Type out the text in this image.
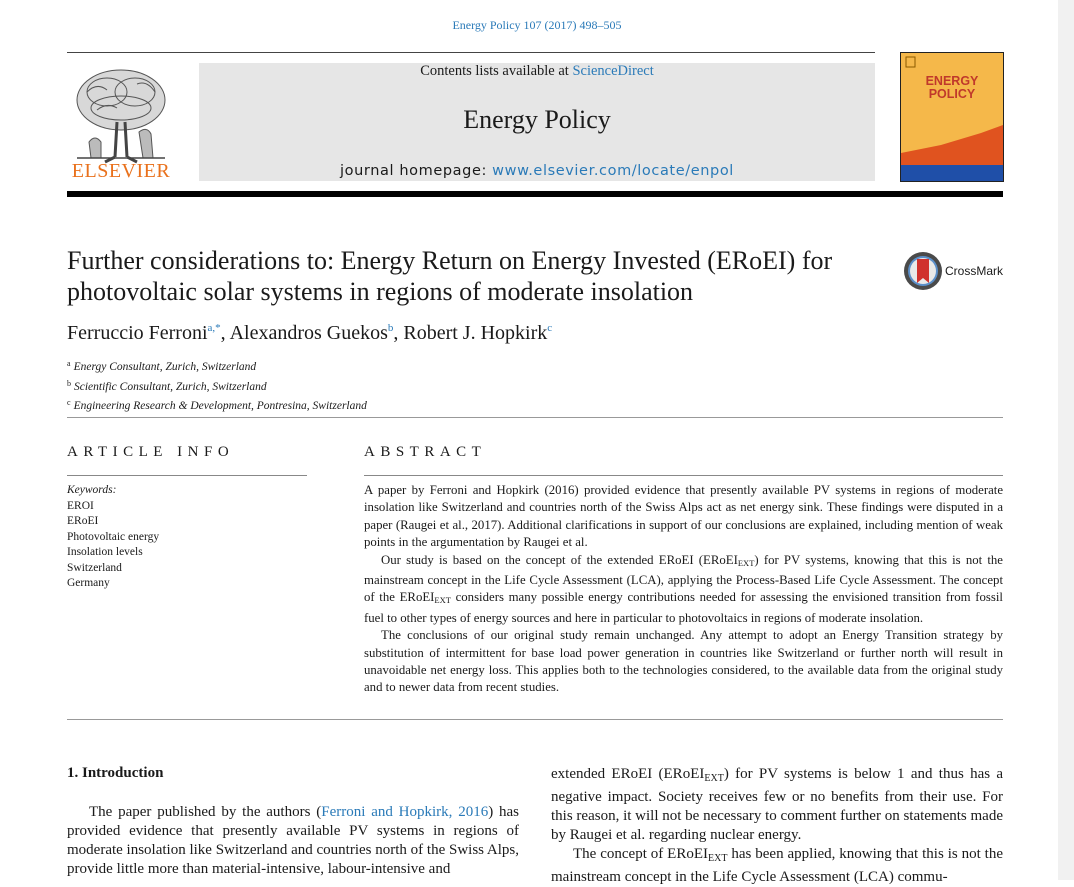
Energy Policy 107 (2017) 498–505
ELSEVIER
Contents lists available at ScienceDirect
Energy Policy
journal homepage: www.elsevier.com/locate/enpol
ENERGY
POLICY
Further considerations to: Energy Return on Energy Invested (ERoEI) for photovoltaic solar systems in regions of moderate insolation
CrossMark
Ferruccio Ferroni$^{a,*}$, Alexandros Guekos$^b$, Robert J. Hopkirk$^c$
$^a$ Energy Consultant, Zurich, Switzerland
$^b$ Scientific Consultant, Zurich, Switzerland
$^c$ Engineering Research & Development, Pontresina, Switzerland
ARTICLE INFO
Keywords:
EROI
ERoEI
Photovoltaic energy
Insolation levels
Switzerland
Germany
ABSTRACT

A paper by Ferroni and Hopkirk (2016) provided evidence that presently available PV systems in regions of moderate insolation like Switzerland and countries north of the Swiss Alps act as net energy sink. These findings were disputed in a paper (Raugei et al., 2017). Additional clarifications in support of our conclusions are explained, including mention of weak points in the argumentation by Raugei et al.

Our study is based on the concept of the extended ERoEI (ERoEI$_{EXT}$) for PV systems, knowing that this is not the mainstream concept in the Life Cycle Assessment (LCA), applying the Process-Based Life Cycle Assessment. The concept of the ERoEI$_{EXT}$ considers many possible energy contributions needed for assessing the envisioned transition from fossil fuel to other types of energy sources and here in particular to photovoltaics in regions of moderate insolation.

The conclusions of our original study remain unchanged. Any attempt to adopt an Energy Transition strategy by substitution of intermittent for base load power generation in countries like Switzerland or further north will result in unavoidable net energy loss. This applies both to the technologies considered, to the available data from the original study and to newer data from recent studies.

1. Introduction

The paper published by the authors (Ferroni and Hopkirk, 2016) has provided evidence that presently available PV systems in regions of moderate insolation like Switzerland and countries north of the Swiss Alps, provide little more than material-intensive, labour-intensive and

extended ERoEI (ERoEI$_{EXT}$) for PV systems is below 1 and thus has a negative impact. Society receives few or no benefits from their use. For this reason, it will not be necessary to comment further on statements made by Raugei et al. regarding nuclear energy.

The concept of ERoEI$_{EXT}$ has been applied, knowing that this is not the mainstream concept in the Life Cycle Assessment (LCA) commu-
